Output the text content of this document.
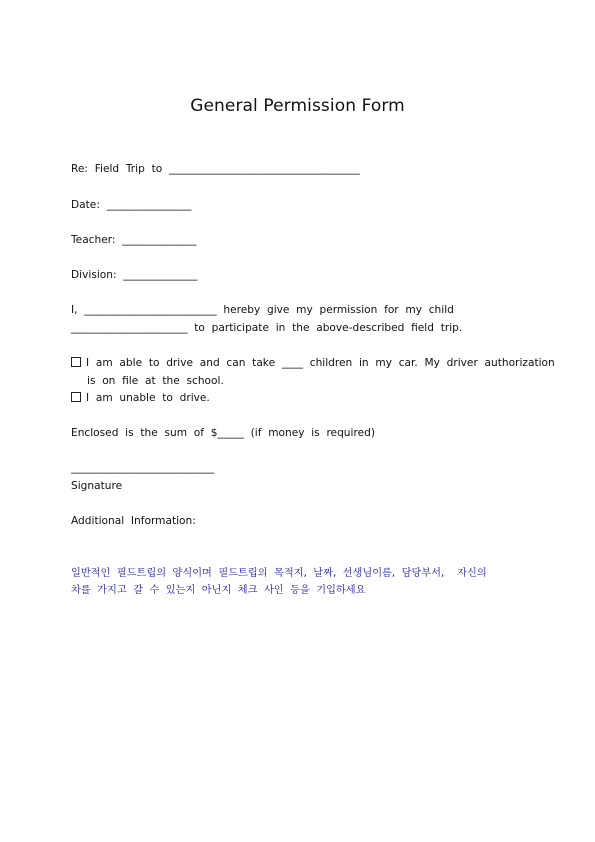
General Permission Form
Re:  Field  Trip  to  ____________________________________
Date:  ________________
Teacher:  ______________
Division:  ______________
I,  _________________________  hereby  give  my  permission  for  my  child
______________________  to  participate  in  the  above-described  field  trip.
I  am  able  to  drive  and  can  take  ____  children  in  my  car.  My  driver  authorization
is  on  file  at  the  school.
I  am  unable  to  drive.
Enclosed  is  the  sum  of  $_____  (if  money  is  required)
___________________________
Signature
Additional  Information:
일반적인  필드트립의  양식이며  필드트립의  목적지,  날짜,  선생님이름,  담당부서,    자신의
차를  가지고  갈  수  있는지  아닌지  체크  사인  등을  기입하세요
